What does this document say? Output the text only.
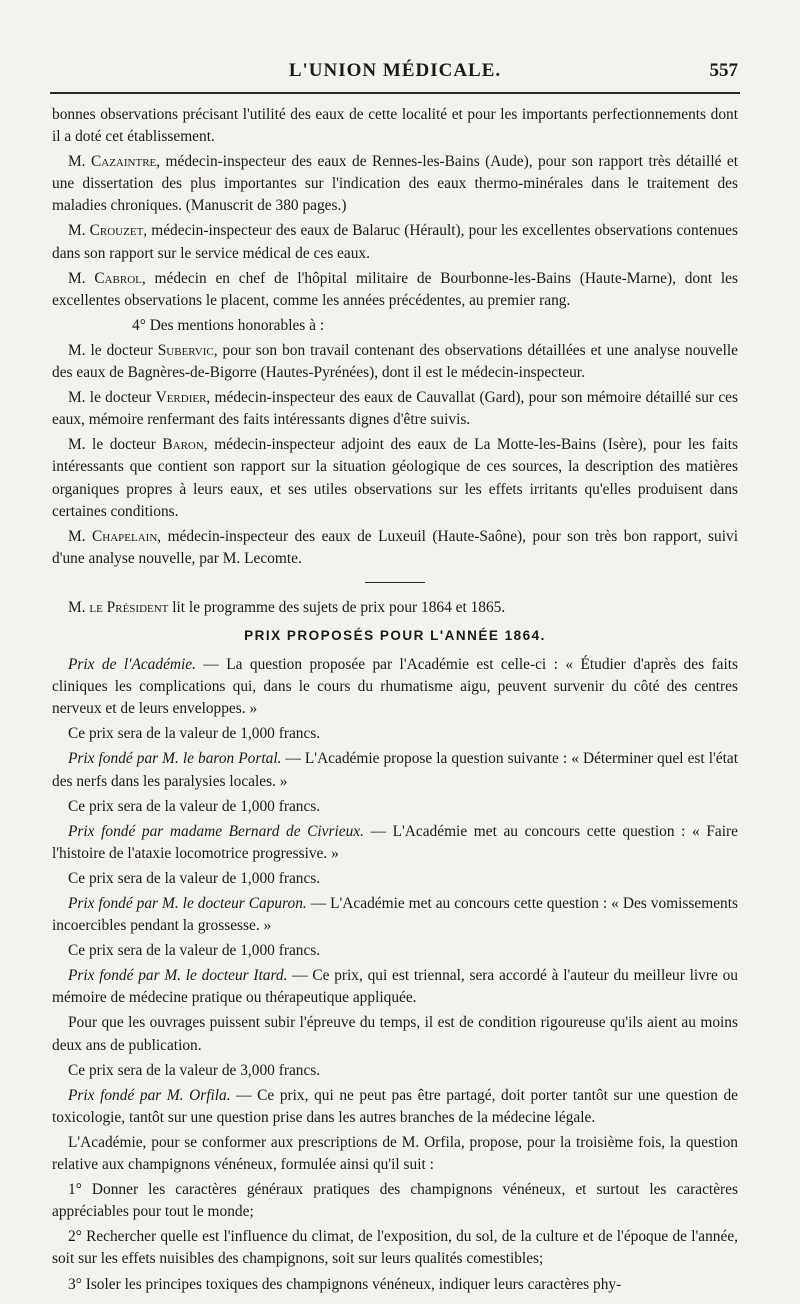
L'UNION MÉDICALE.	557

bonnes observations précisant l'utilité des eaux de cette localité et pour les importants perfectionnements dont il a doté cet établissement.

M. Cazaintre, médecin-inspecteur des eaux de Rennes-les-Bains (Aude), pour son rapport très détaillé et une dissertation des plus importantes sur l'indication des eaux thermo-minérales dans le traitement des maladies chroniques. (Manuscrit de 380 pages.)

M. Crouzet, médecin-inspecteur des eaux de Balaruc (Hérault), pour les excellentes observations contenues dans son rapport sur le service médical de ces eaux.

M. Cabrol, médecin en chef de l'hôpital militaire de Bourbonne-les-Bains (Haute-Marne), dont les excellentes observations le placent, comme les années précédentes, au premier rang.

4° Des mentions honorables à :

M. le docteur Subervic, pour son bon travail contenant des observations détaillées et une analyse nouvelle des eaux de Bagnères-de-Bigorre (Hautes-Pyrénées), dont il est le médecin-inspecteur.

M. le docteur Verdier, médecin-inspecteur des eaux de Cauvallat (Gard), pour son mémoire détaillé sur ces eaux, mémoire renfermant des faits intéressants dignes d'être suivis.

M. le docteur Baron, médecin-inspecteur adjoint des eaux de La Motte-les-Bains (Isère), pour les faits intéressants que contient son rapport sur la situation géologique de ces sources, la description des matières organiques propres à leurs eaux, et ses utiles observations sur les effets irritants qu'elles produisent dans certaines conditions.

M. Chapelain, médecin-inspecteur des eaux de Luxeuil (Haute-Saône), pour son très bon rapport, suivi d'une analyse nouvelle, par M. Lecomte.

M. le Président lit le programme des sujets de prix pour 1864 et 1865.

PRIX PROPOSÉS POUR L'ANNÉE 1864.

Prix de l'Académie. — La question proposée par l'Académie est celle-ci : « Étudier d'après des faits cliniques les complications qui, dans le cours du rhumatisme aigu, peuvent survenir du côté des centres nerveux et de leurs enveloppes. »

Ce prix sera de la valeur de 1,000 francs.

Prix fondé par M. le baron Portal. — L'Académie propose la question suivante : « Déterminer quel est l'état des nerfs dans les paralysies locales. »

Ce prix sera de la valeur de 1,000 francs.

Prix fondé par madame Bernard de Civrieux. — L'Académie met au concours cette question : « Faire l'histoire de l'ataxie locomotrice progressive. »

Ce prix sera de la valeur de 1,000 francs.

Prix fondé par M. le docteur Capuron. — L'Académie met au concours cette question : « Des vomissements incoercibles pendant la grossesse. »

Ce prix sera de la valeur de 1,000 francs.

Prix fondé par M. le docteur Itard. — Ce prix, qui est triennal, sera accordé à l'auteur du meilleur livre ou mémoire de médecine pratique ou thérapeutique appliquée.

Pour que les ouvrages puissent subir l'épreuve du temps, il est de condition rigoureuse qu'ils aient au moins deux ans de publication.

Ce prix sera de la valeur de 3,000 francs.

Prix fondé par M. Orfila. — Ce prix, qui ne peut pas être partagé, doit porter tantôt sur une question de toxicologie, tantôt sur une question prise dans les autres branches de la médecine légale.

L'Académie, pour se conformer aux prescriptions de M. Orfila, propose, pour la troisième fois, la question relative aux champignons vénéneux, formulée ainsi qu'il suit :

1° Donner les caractères généraux pratiques des champignons vénéneux, et surtout les caractères appréciables pour tout le monde;

2° Rechercher quelle est l'influence du climat, de l'exposition, du sol, de la culture et de l'époque de l'année, soit sur les effets nuisibles des champignons, soit sur leurs qualités comestibles;

3° Isoler les principes toxiques des champignons vénéneux, indiquer leurs caractères phy-
